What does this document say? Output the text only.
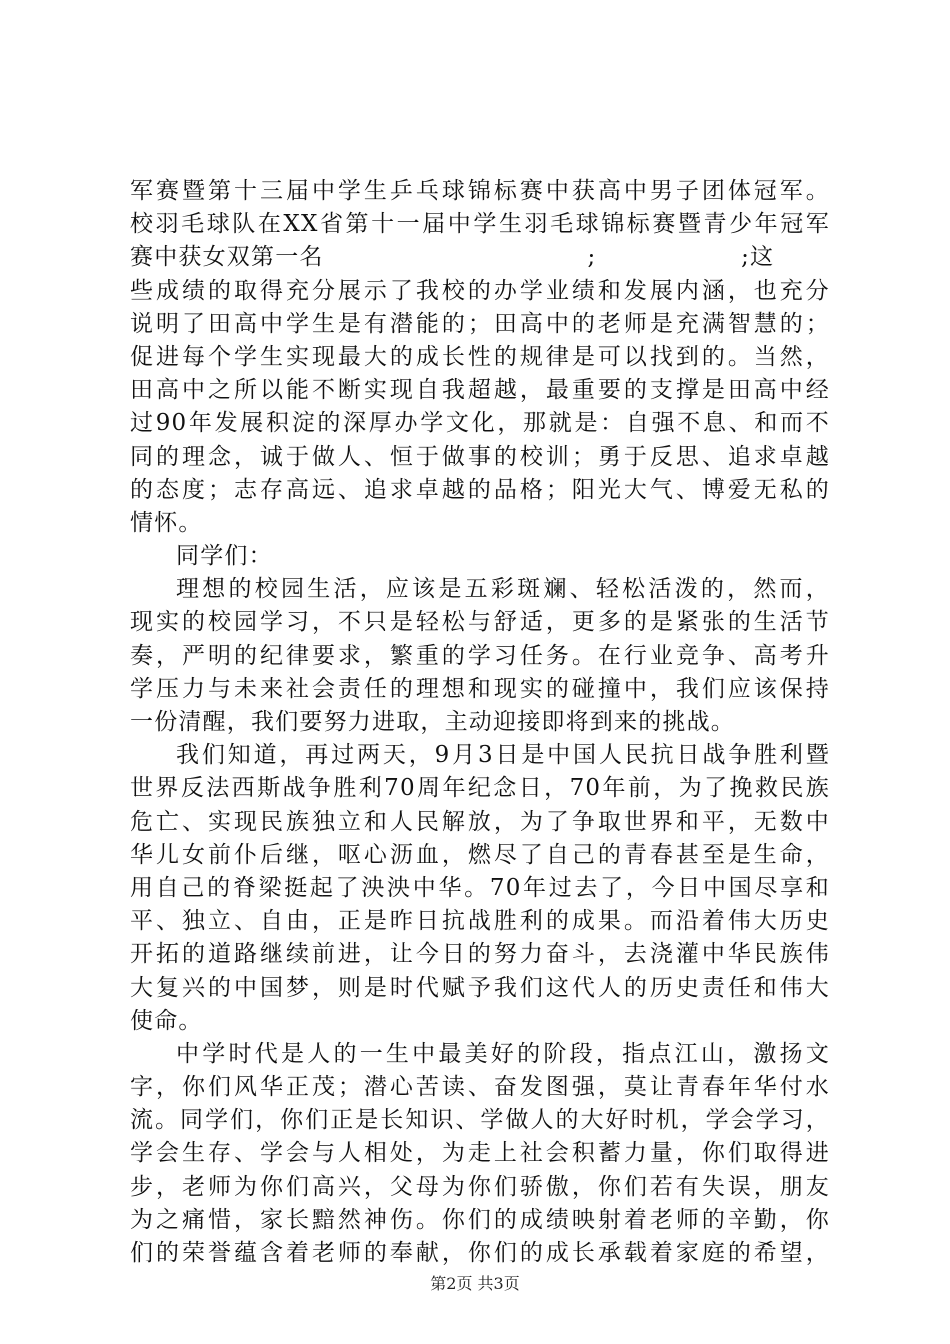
军赛暨第十三届中学生乒乓球锦标赛中获高中男子团体冠军。
校羽毛球队在XX省第十一届中学生羽毛球锦标赛暨青少年冠军
赛中获女双第一名                               ;                 ;这
些成绩的取得充分展示了我校的办学业绩和发展内涵，也充分
说明了田高中学生是有潜能的；田高中的老师是充满智慧的；
促进每个学生实现最大的成长性的规律是可以找到的。当然，
田高中之所以能不断实现自我超越，最重要的支撑是田高中经
过90年发展积淀的深厚办学文化，那就是：自强不息、和而不
同的理念，诚于做人、恒于做事的校训；勇于反思、追求卓越
的态度；志存高远、追求卓越的品格；阳光大气、博爱无私的
情怀。
同学们：
理想的校园生活，应该是五彩斑斓、轻松活泼的，然而，
现实的校园学习，不只是轻松与舒适，更多的是紧张的生活节
奏，严明的纪律要求，繁重的学习任务。在行业竞争、高考升
学压力与未来社会责任的理想和现实的碰撞中，我们应该保持
一份清醒，我们要努力进取，主动迎接即将到来的挑战。
我们知道，再过两天，9月3日是中国人民抗日战争胜利暨
世界反法西斯战争胜利70周年纪念日，70年前，为了挽救民族
危亡、实现民族独立和人民解放，为了争取世界和平，无数中
华儿女前仆后继，呕心沥血，燃尽了自己的青春甚至是生命，
用自己的脊梁挺起了泱泱中华。70年过去了，今日中国尽享和
平、独立、自由，正是昨日抗战胜利的成果。而沿着伟大历史
开拓的道路继续前进，让今日的努力奋斗，去浇灌中华民族伟
大复兴的中国梦，则是时代赋予我们这代人的历史责任和伟大
使命。
中学时代是人的一生中最美好的阶段，指点江山，激扬文
字，你们风华正茂；潜心苦读、奋发图强，莫让青春年华付水
流。同学们，你们正是长知识、学做人的大好时机，学会学习，
学会生存、学会与人相处，为走上社会积蓄力量，你们取得进
步，老师为你们高兴，父母为你们骄傲，你们若有失误，朋友
为之痛惜，家长黯然神伤。你们的成绩映射着老师的辛勤，你
们的荣誉蕴含着老师的奉献，你们的成长承载着家庭的希望，
第2页 共3页
